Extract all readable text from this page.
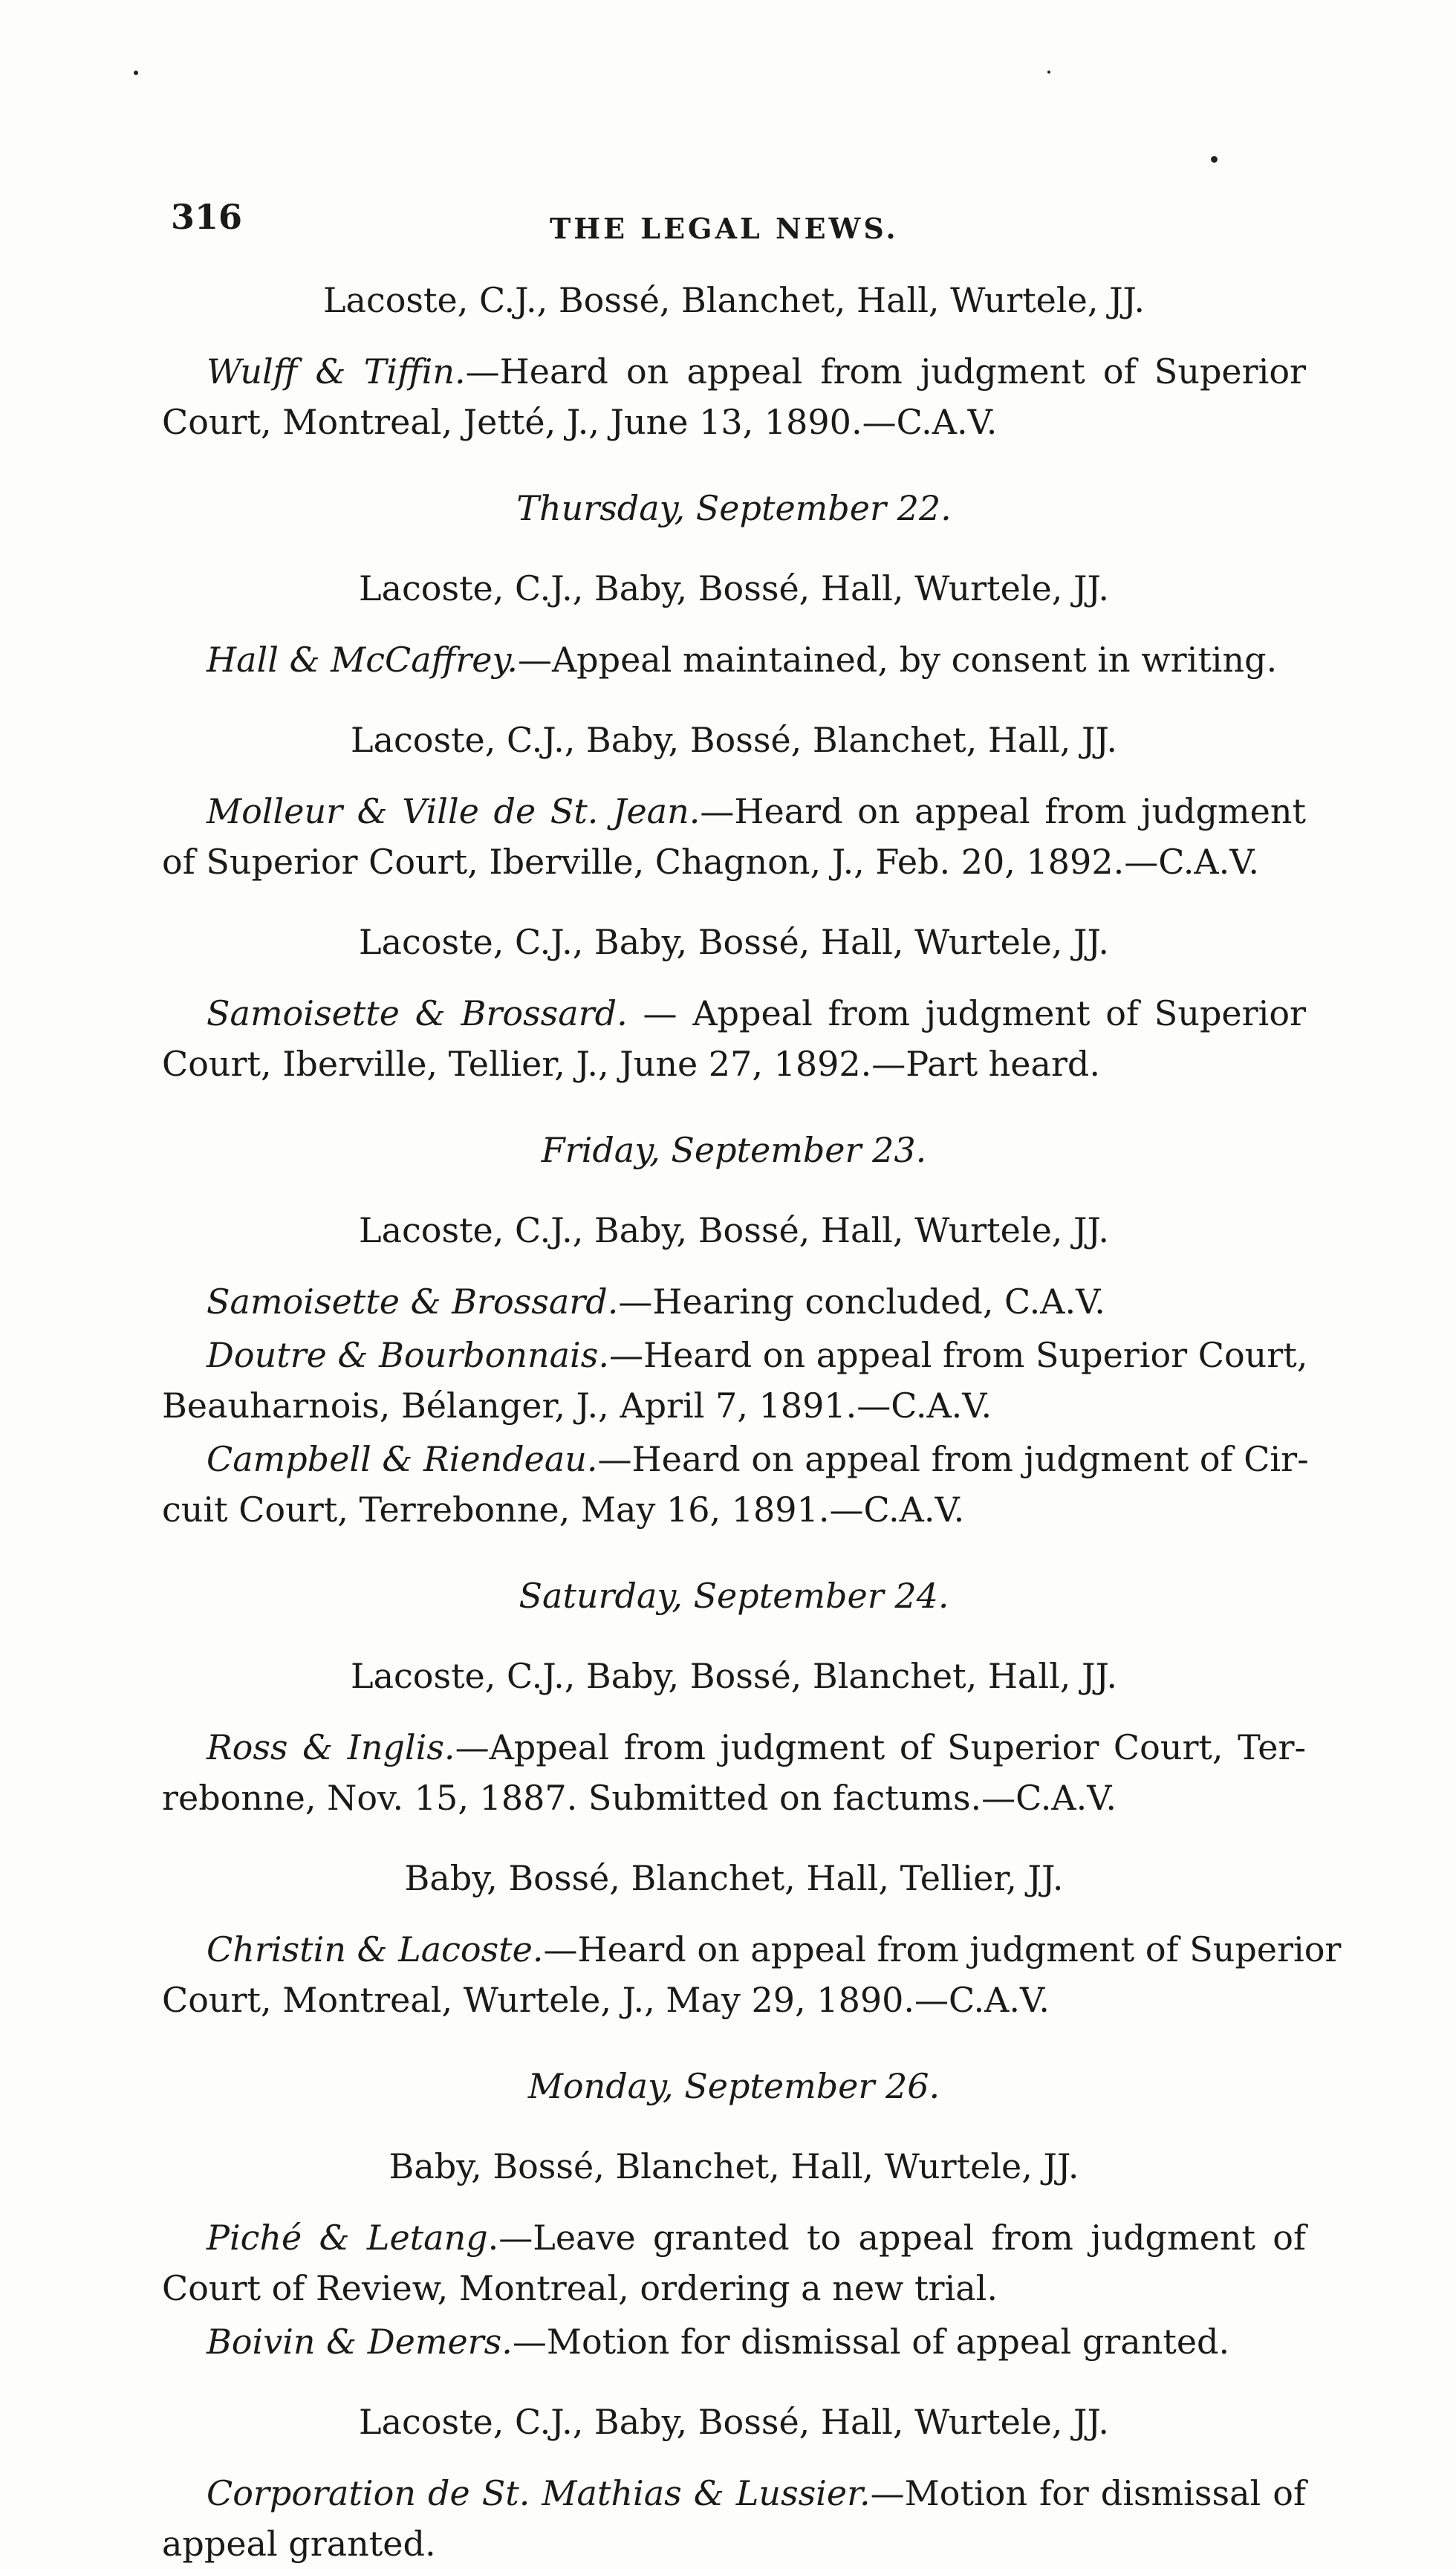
316	THE LEGAL NEWS.
Lacoste, C.J., Bossé, Blanchet, Hall, Wurtele, JJ.
Wulff & Tiffin.—Heard on appeal from judgment of Superior
Court, Montreal, Jetté, J., June 13, 1890.—C.A.V.
Thursday, September 22.
Lacoste, C.J., Baby, Bossé, Hall, Wurtele, JJ.
Hall & McCaffrey.—Appeal maintained, by consent in writing.
Lacoste, C.J., Baby, Bossé, Blanchet, Hall, JJ.
Molleur & Ville de St. Jean.—Heard on appeal from judgment
of Superior Court, Iberville, Chagnon, J., Feb. 20, 1892.—C.A.V.
Lacoste, C.J., Baby, Bossé, Hall, Wurtele, JJ.
Samoisette & Brossard. — Appeal from judgment of Superior
Court, Iberville, Tellier, J., June 27, 1892.—Part heard.
Friday, September 23.
Lacoste, C.J., Baby, Bossé, Hall, Wurtele, JJ.
Samoisette & Brossard.—Hearing concluded, C.A.V.
Doutre & Bourbonnais.—Heard on appeal from Superior Court,
Beauharnois, Bélanger, J., April 7, 1891.—C.A.V.
Campbell & Riendeau.—Heard on appeal from judgment of Cir-
cuit Court, Terrebonne, May 16, 1891.—C.A.V.
Saturday, September 24.
Lacoste, C.J., Baby, Bossé, Blanchet, Hall, JJ.
Ross & Inglis.—Appeal from judgment of Superior Court, Ter-
rebonne, Nov. 15, 1887. Submitted on factums.—C.A.V.
Baby, Bossé, Blanchet, Hall, Tellier, JJ.
Christin & Lacoste.—Heard on appeal from judgment of Superior
Court, Montreal, Wurtele, J., May 29, 1890.—C.A.V.
Monday, September 26.
Baby, Bossé, Blanchet, Hall, Wurtele, JJ.
Piché & Letang.—Leave granted to appeal from judgment of
Court of Review, Montreal, ordering a new trial.
Boivin & Demers.—Motion for dismissal of appeal granted.
Lacoste, C.J., Baby, Bossé, Hall, Wurtele, JJ.
Corporation de St. Mathias & Lussier.—Motion for dismissal of
appeal granted.
